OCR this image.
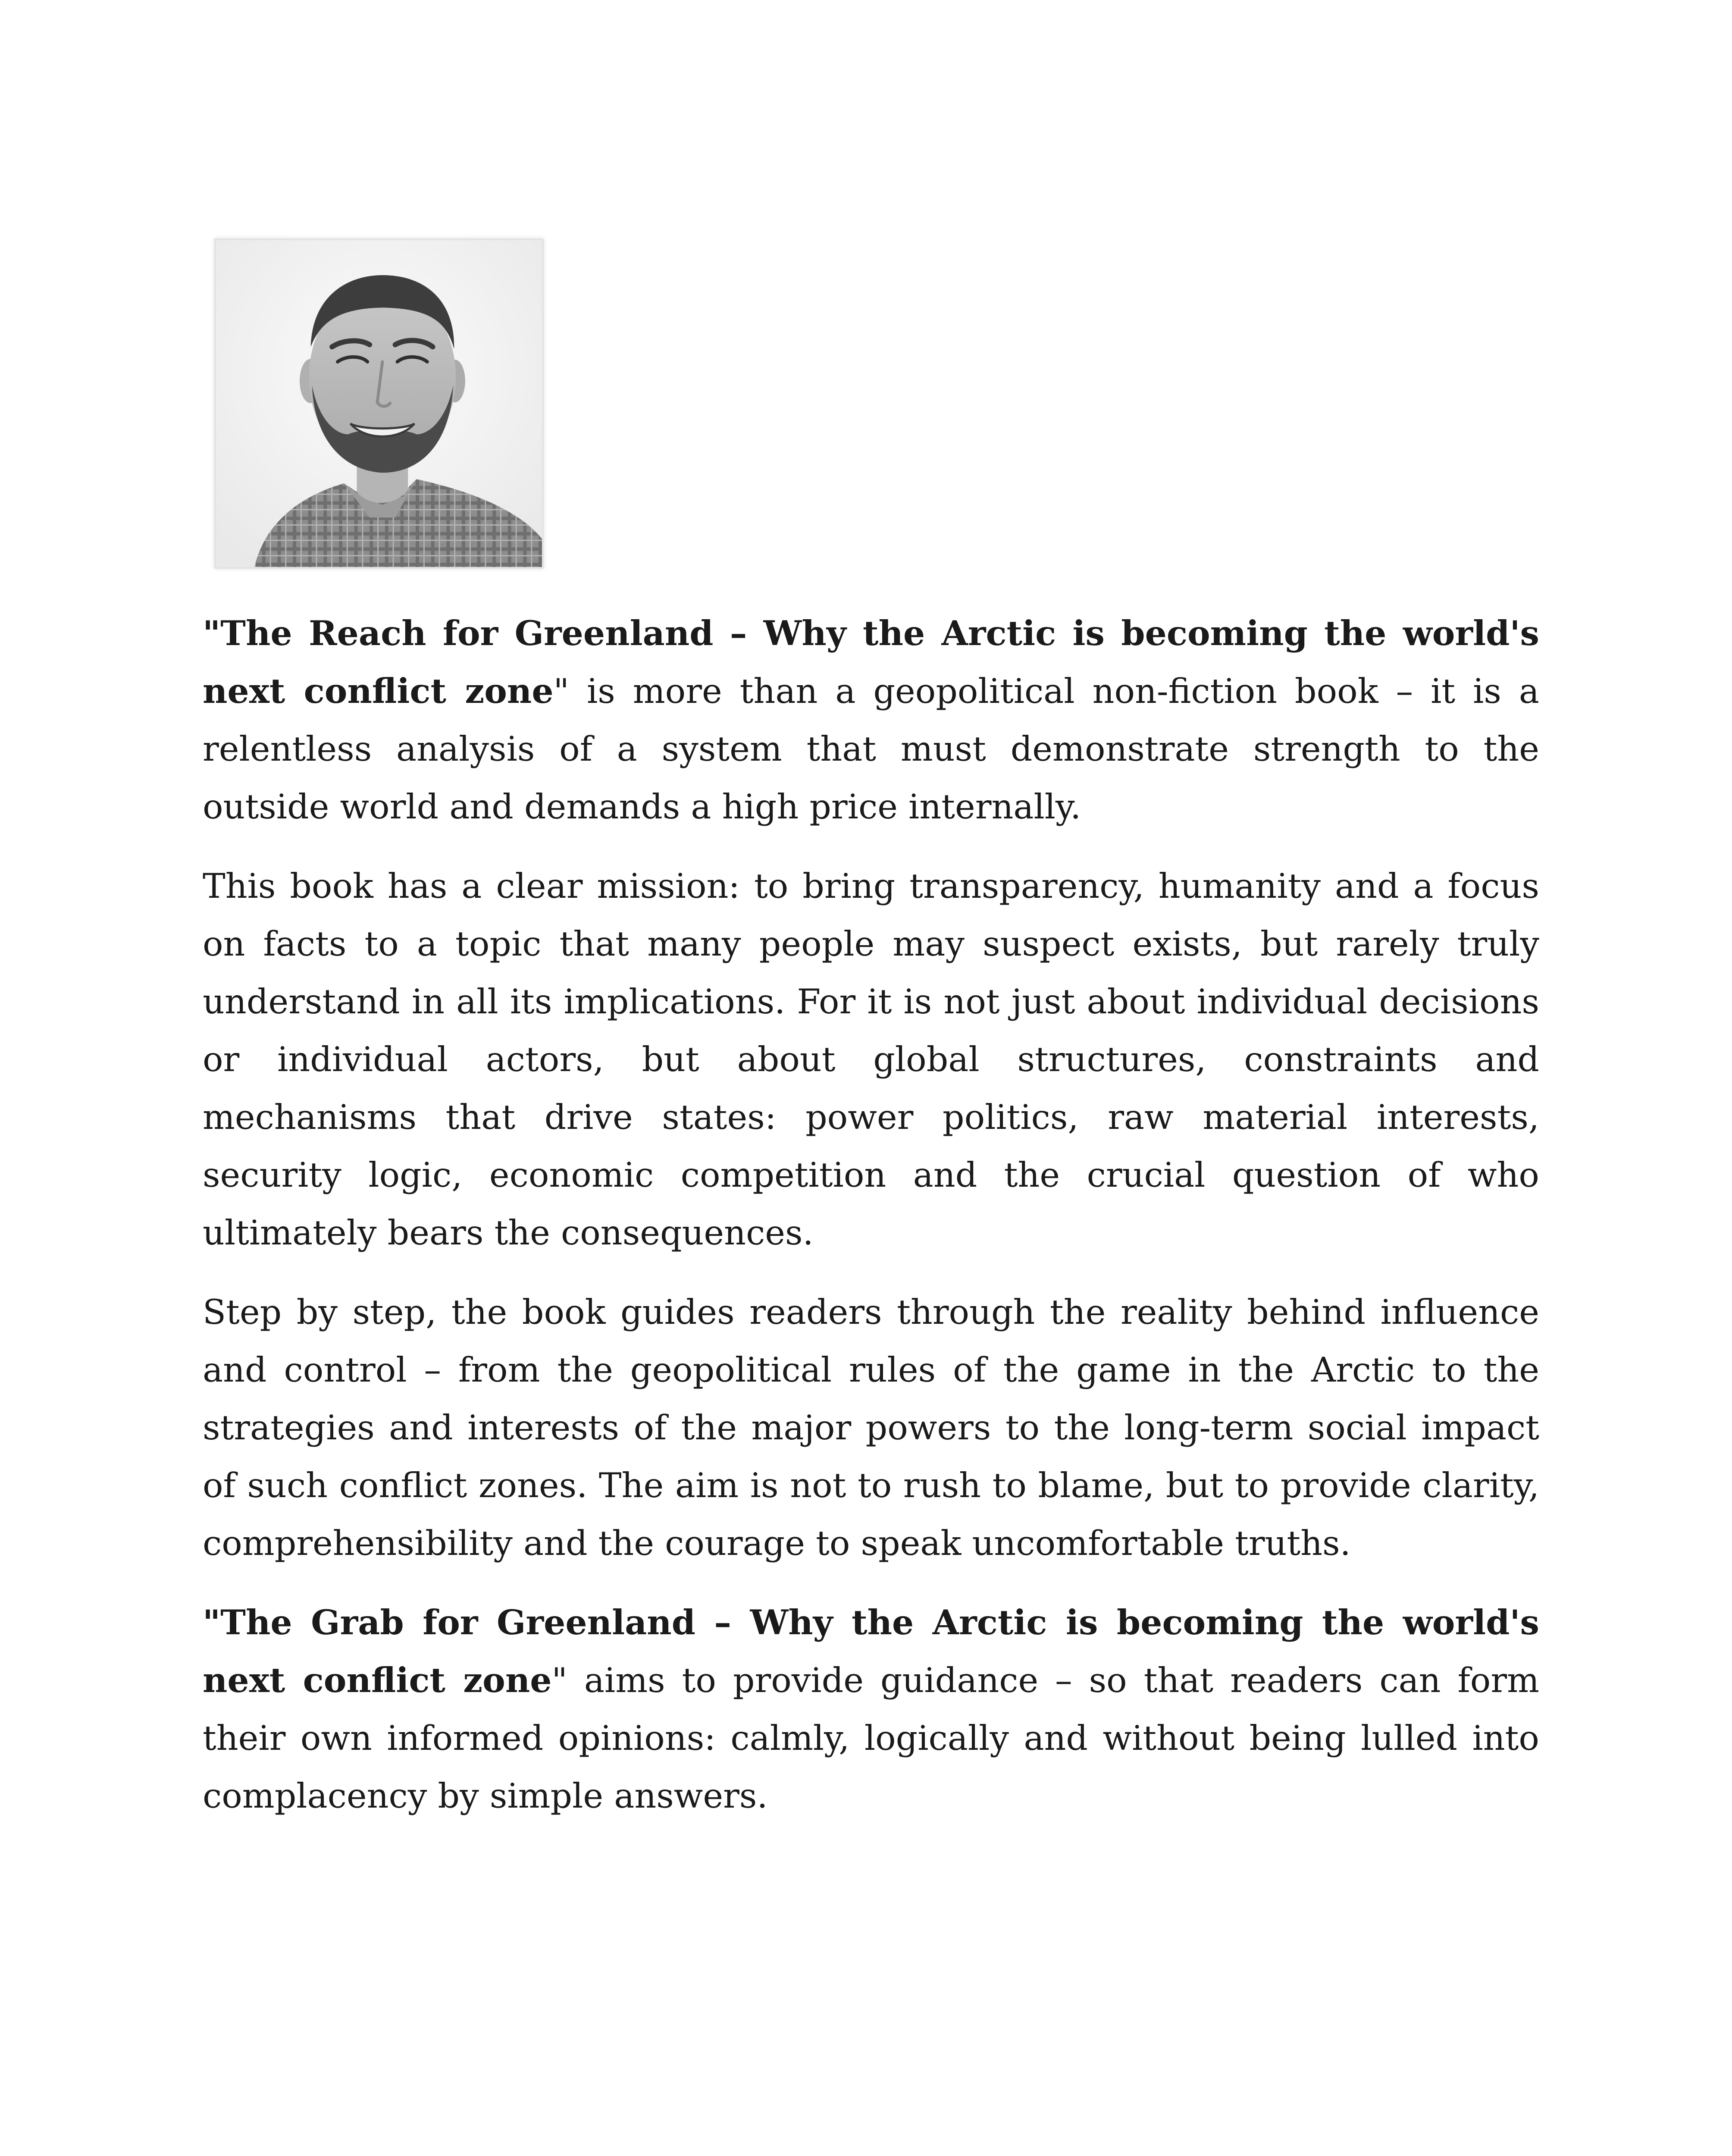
"The Reach for Greenland – Why the Arctic is becoming the world's next conflict zone" is more than a geopolitical non-fiction book – it is a relentless analysis of a system that must demonstrate strength to the outside world and demands a high price internally.

This book has a clear mission: to bring transparency, humanity and a focus on facts to a topic that many people may suspect exists, but rarely truly understand in all its implications. For it is not just about individual decisions or individual actors, but about global structures, constraints and mechanisms that drive states: power politics, raw material interests, security logic, economic competition and the crucial question of who ultimately bears the consequences.

Step by step, the book guides readers through the reality behind influence and control – from the geopolitical rules of the game in the Arctic to the strategies and interests of the major powers to the long-term social impact of such conflict zones. The aim is not to rush to blame, but to provide clarity, comprehensibility and the courage to speak uncomfortable truths.

"The Grab for Greenland – Why the Arctic is becoming the world's next conflict zone" aims to provide guidance – so that readers can form their own informed opinions: calmly, logically and without being lulled into complacency by simple answers.
